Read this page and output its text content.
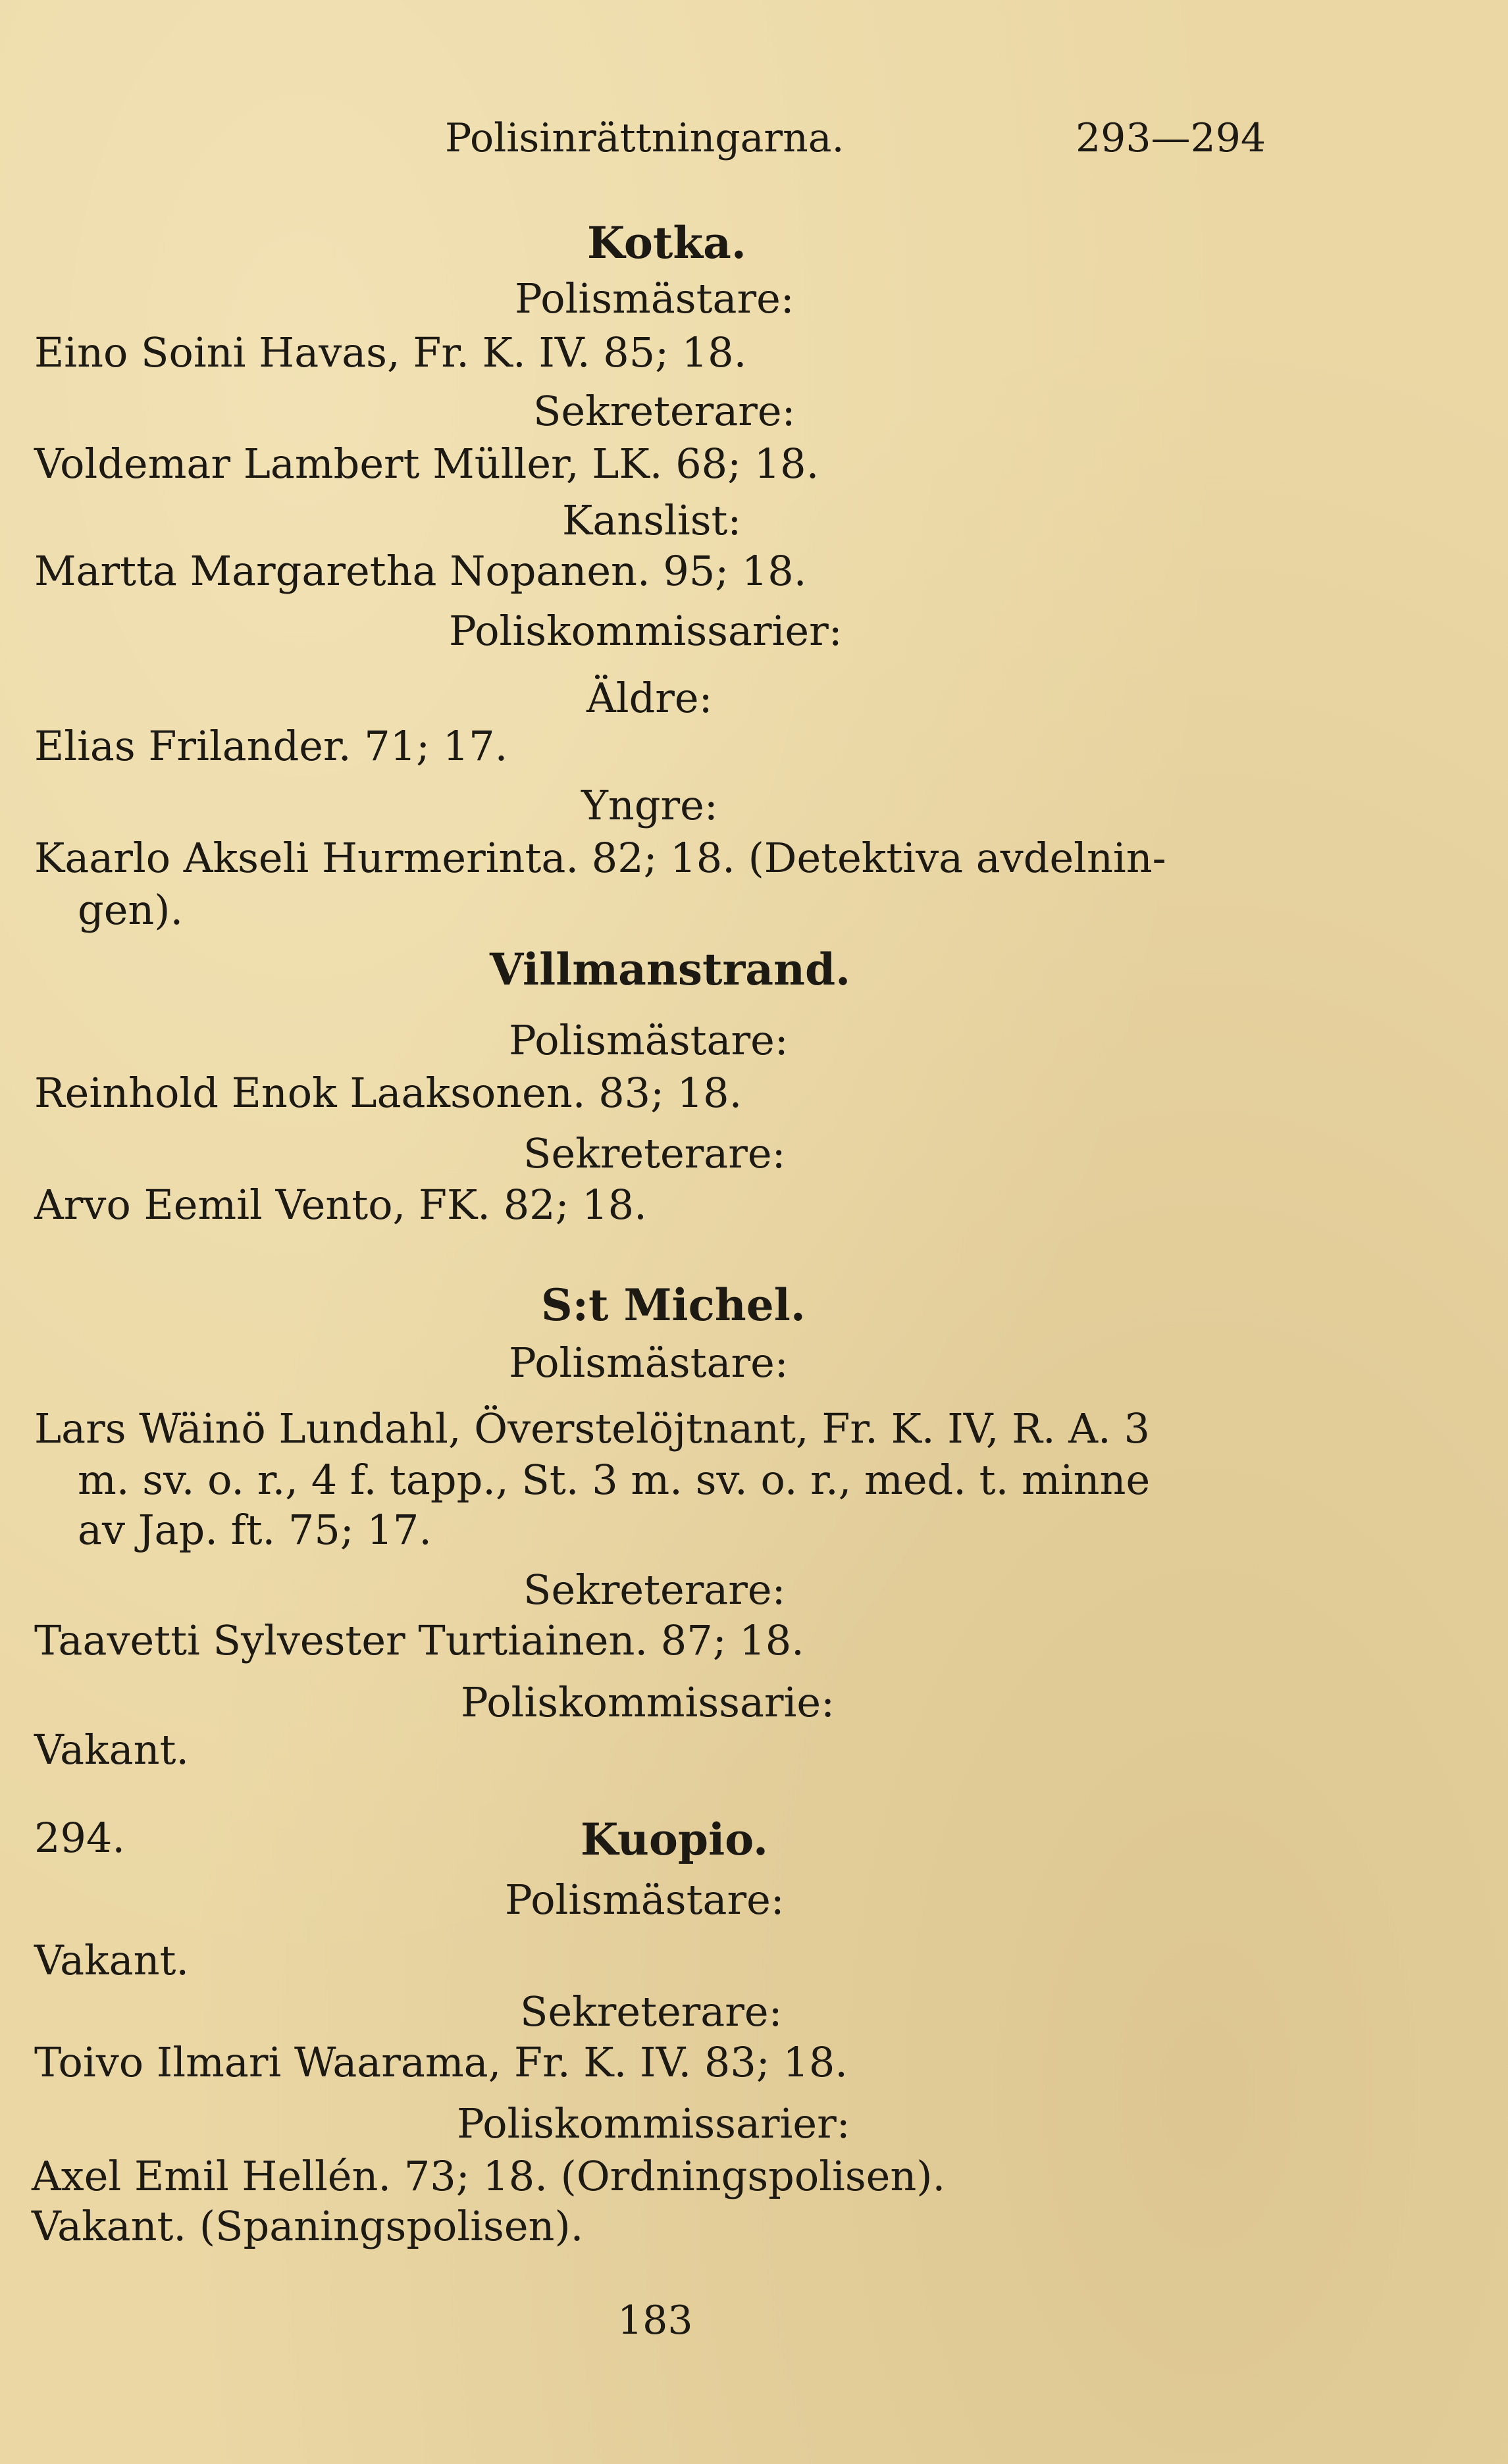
Polisinrättningarna.	293—294
Kotka.
Polismästare:
Eino Soini Havas, Fr. K. IV. 85; 18.
Sekreterare:
Voldemar Lambert Müller, LK. 68; 18.
Kanslist:
Martta Margaretha Nopanen. 95; 18.
Poliskommissarier:
Äldre:
Elias Frilander. 71; 17.
Yngre:
Kaarlo Akseli Hurmerinta. 82; 18. (Detektiva avdelnin-
gen).
Villmanstrand.
Polismästare:
Reinhold Enok Laaksonen. 83; 18.
Sekreterare:
Arvo Eemil Vento, FK. 82; 18.
S:t Michel.
Polismästare:
Lars Wäinö Lundahl, Överstelöjtnant, Fr. K. IV, R. A. 3
m. sv. o. r., 4 f. tapp., St. 3 m. sv. o. r., med. t. minne
av Jap. ft. 75; 17.
Sekreterare:
Taavetti Sylvester Turtiainen. 87; 18.
Poliskommissarie:
Vakant.
294.	Kuopio.
Polismästare:
Vakant.
Sekreterare:
Toivo Ilmari Waarama, Fr. K. IV. 83; 18.
Poliskommissarier:
Axel Emil Hellén. 73; 18. (Ordningspolisen).
Vakant. (Spaningspolisen).
183
